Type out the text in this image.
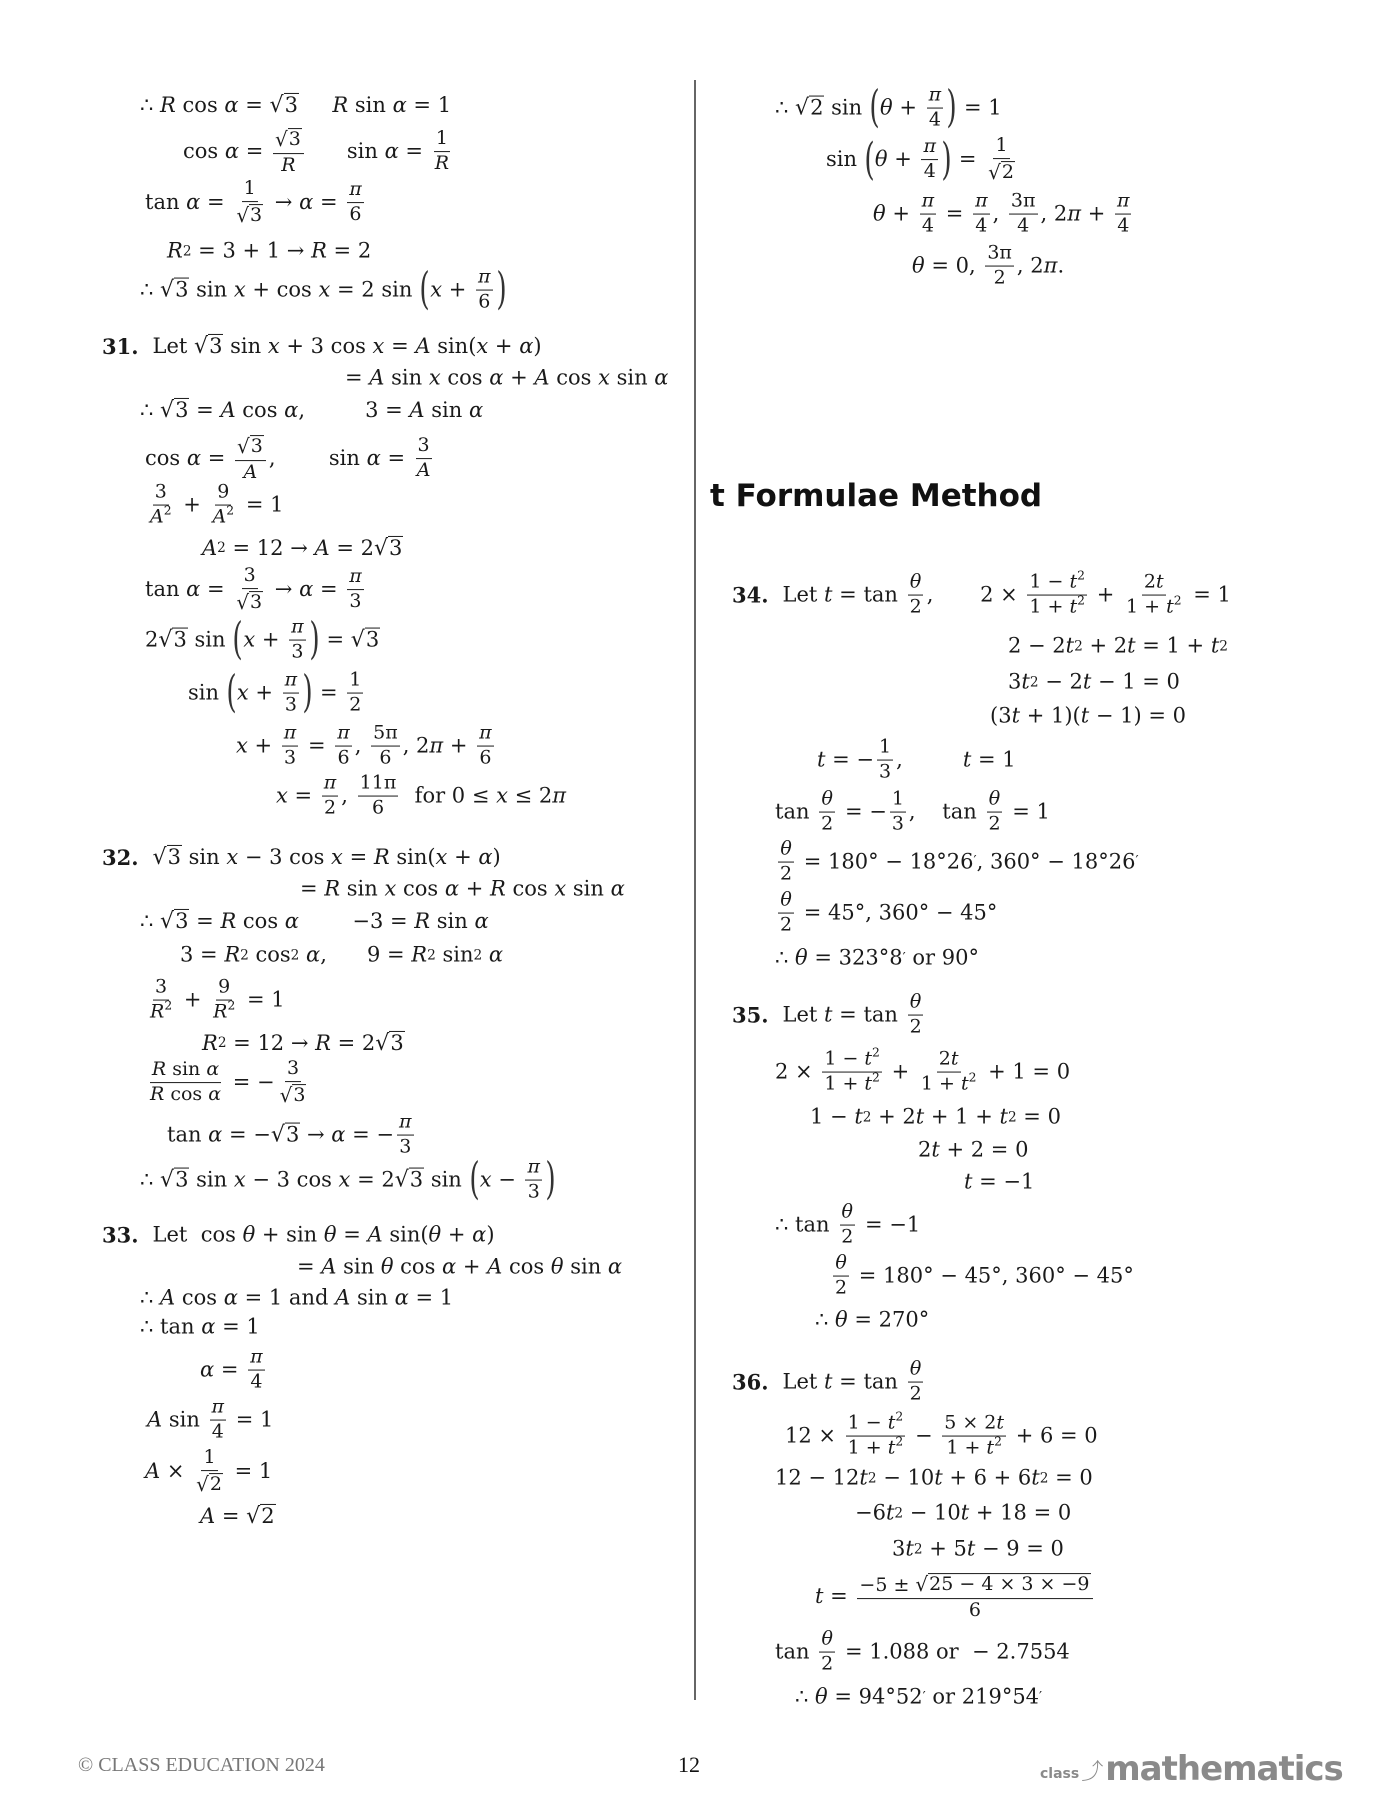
t Formulae Method
∴ R cos α = √ 3
R sin α = 1
$\cos \alpha = \frac{√ 3}{R}$ $\sin \alpha = \frac{1}{R}$
$\tan \alpha = \frac{1}{√ 3} \to \alpha = \frac{\pi}{6}$
R 2 = 3 + 1 → R = 2
∴ √ 3 sin x + cos x = 2 sin ( $x + \frac{\pi}{6}$ )
31. Let √ 3 sin x + 3 cos x = A sin( x + α )
= A sin x cos α + A cos x sin α
∴ √ 3 = A cos α ,         3 = A sin α
$\cos \alpha = \frac{√ 3}{A}$ ,        $\sin \alpha = \frac{3}{A}$
$\frac{3}{A^2} + \frac{9}{A^2} = 1$
A 2 = 12 → A = 2 √ 3
$\tan \alpha = \frac{3}{√ 3} \to \alpha = \frac{\pi}{3}$
2 √ 3 sin ( $x + \frac{\pi}{3}$ ) = √ 3
sin ( $x + \frac{\pi}{3}$ ) = $\frac{1}{2}$
$x + \frac{\pi}{3} = \frac{\pi}{6}$ , $\frac{5\pi}{6}$ , 2 $\pi + \frac{\pi}{6}$
$x = \frac{\pi}{2}$ , $\frac{11\pi}{6}$ for 0 ≤ x ≤ 2 π
32. √ 3 sin x − 3 cos x = R sin( x + α )
= R sin x cos α + R cos x sin α
∴ √ 3 = R cos α −3 = R sin α
3 = R 2 cos 2
α ,      9 = R 2 sin 2
α
$\frac{3}{R^2} + \frac{9}{R^2} = 1$
R 2 = 12 → R = 2 √ 3
$\frac{\text{R sin α}}{\text{R cos α}}$ = − $\frac{3}{√ 3}$
tan α = − √ 3 → α = − $\frac{\pi}{3}$
∴ √ 3 sin x − 3 cos x = 2 √ 3 sin ( $x - \frac{\pi}{3}$ )
33. Let  cos θ + sin θ = A sin( θ + α )
= A sin θ cos α + A cos θ sin α
∴ A cos α = 1 and A sin α = 1
∴ tan α = 1
$\alpha = \frac{\pi}{4}$
A $\sin \frac{\pi}{4} = 1$
$A \times \frac{1}{√ 2} = 1$
A = √ 2
∴ √ 2 sin ( $\theta + \frac{\pi}{4}$ ) = 1
sin ( $\theta + \frac{\pi}{4}$ ) = $\frac{1}{√ 2}$
$\theta + \frac{\pi}{4} = \frac{\pi}{4}$ , $\frac{3\pi}{4}$ , 2 $\pi + \frac{\pi}{4}$
θ = 0, $\frac{3\pi}{2}$ , 2 π .
34. Let $t = \tan \frac{\theta}{2}$ ,       $2 \times \frac{1 - t^2}{1 + t^2} + \frac{2t}{1 + t^2} = 1$
2 − 2 t 2 + 2 t = 1 + t 2
3 t 2 − 2 t − 1 = 0
(3 t + 1)( t − 1) = 0
t = − $\frac{1}{3}$ , t = 1
$\tan \frac{\theta}{2}$ = − $\frac{1}{3}$ ,    $\tan \frac{\theta}{2} = 1$
$\frac{\theta}{2} = 180^\circ - 18^\circ 26$ ′ , 360° − 18°26 ′
$\frac{\theta}{2} = 45^\circ$, 360° − 45°
∴ θ = 323°8 ′ or 90°
35. Let $t = \tan \frac{\theta}{2}$
$2 \times \frac{1 - t^2}{1 + t^2} + \frac{2t}{1 + t^2} + 1 = 0$
1 − t 2 + 2 t + 1 + t 2 = 0
2 t + 2 = 0
t = −1
∴ $\tan \frac{\theta}{2} = -1$
$\frac{\theta}{2} = 180^\circ - 45^\circ$, 360° − 45°
∴ θ = 270°
36. Let $t = \tan \frac{\theta}{2}$
$12 \times \frac{1 - t^2}{1 + t^2} - \frac{5 \times 2t}{1 + t^2} + 6 = 0$
12 − 12 t 2 − 10 t + 6 + 6 t 2 = 0
−6 t 2 − 10 t + 18 = 0
3 t 2 + 5 t − 9 = 0
$t = \frac{-5 \pm √ 25 - 4 \times 3 \times -9}{6}$
$\tan \frac{\theta}{2} = 1.088$ or  − 2.7554
∴ θ = 94°52 ′ or 219°54 ′
© CLASS EDUCATION 2024	12	class ⤴ mathematics
